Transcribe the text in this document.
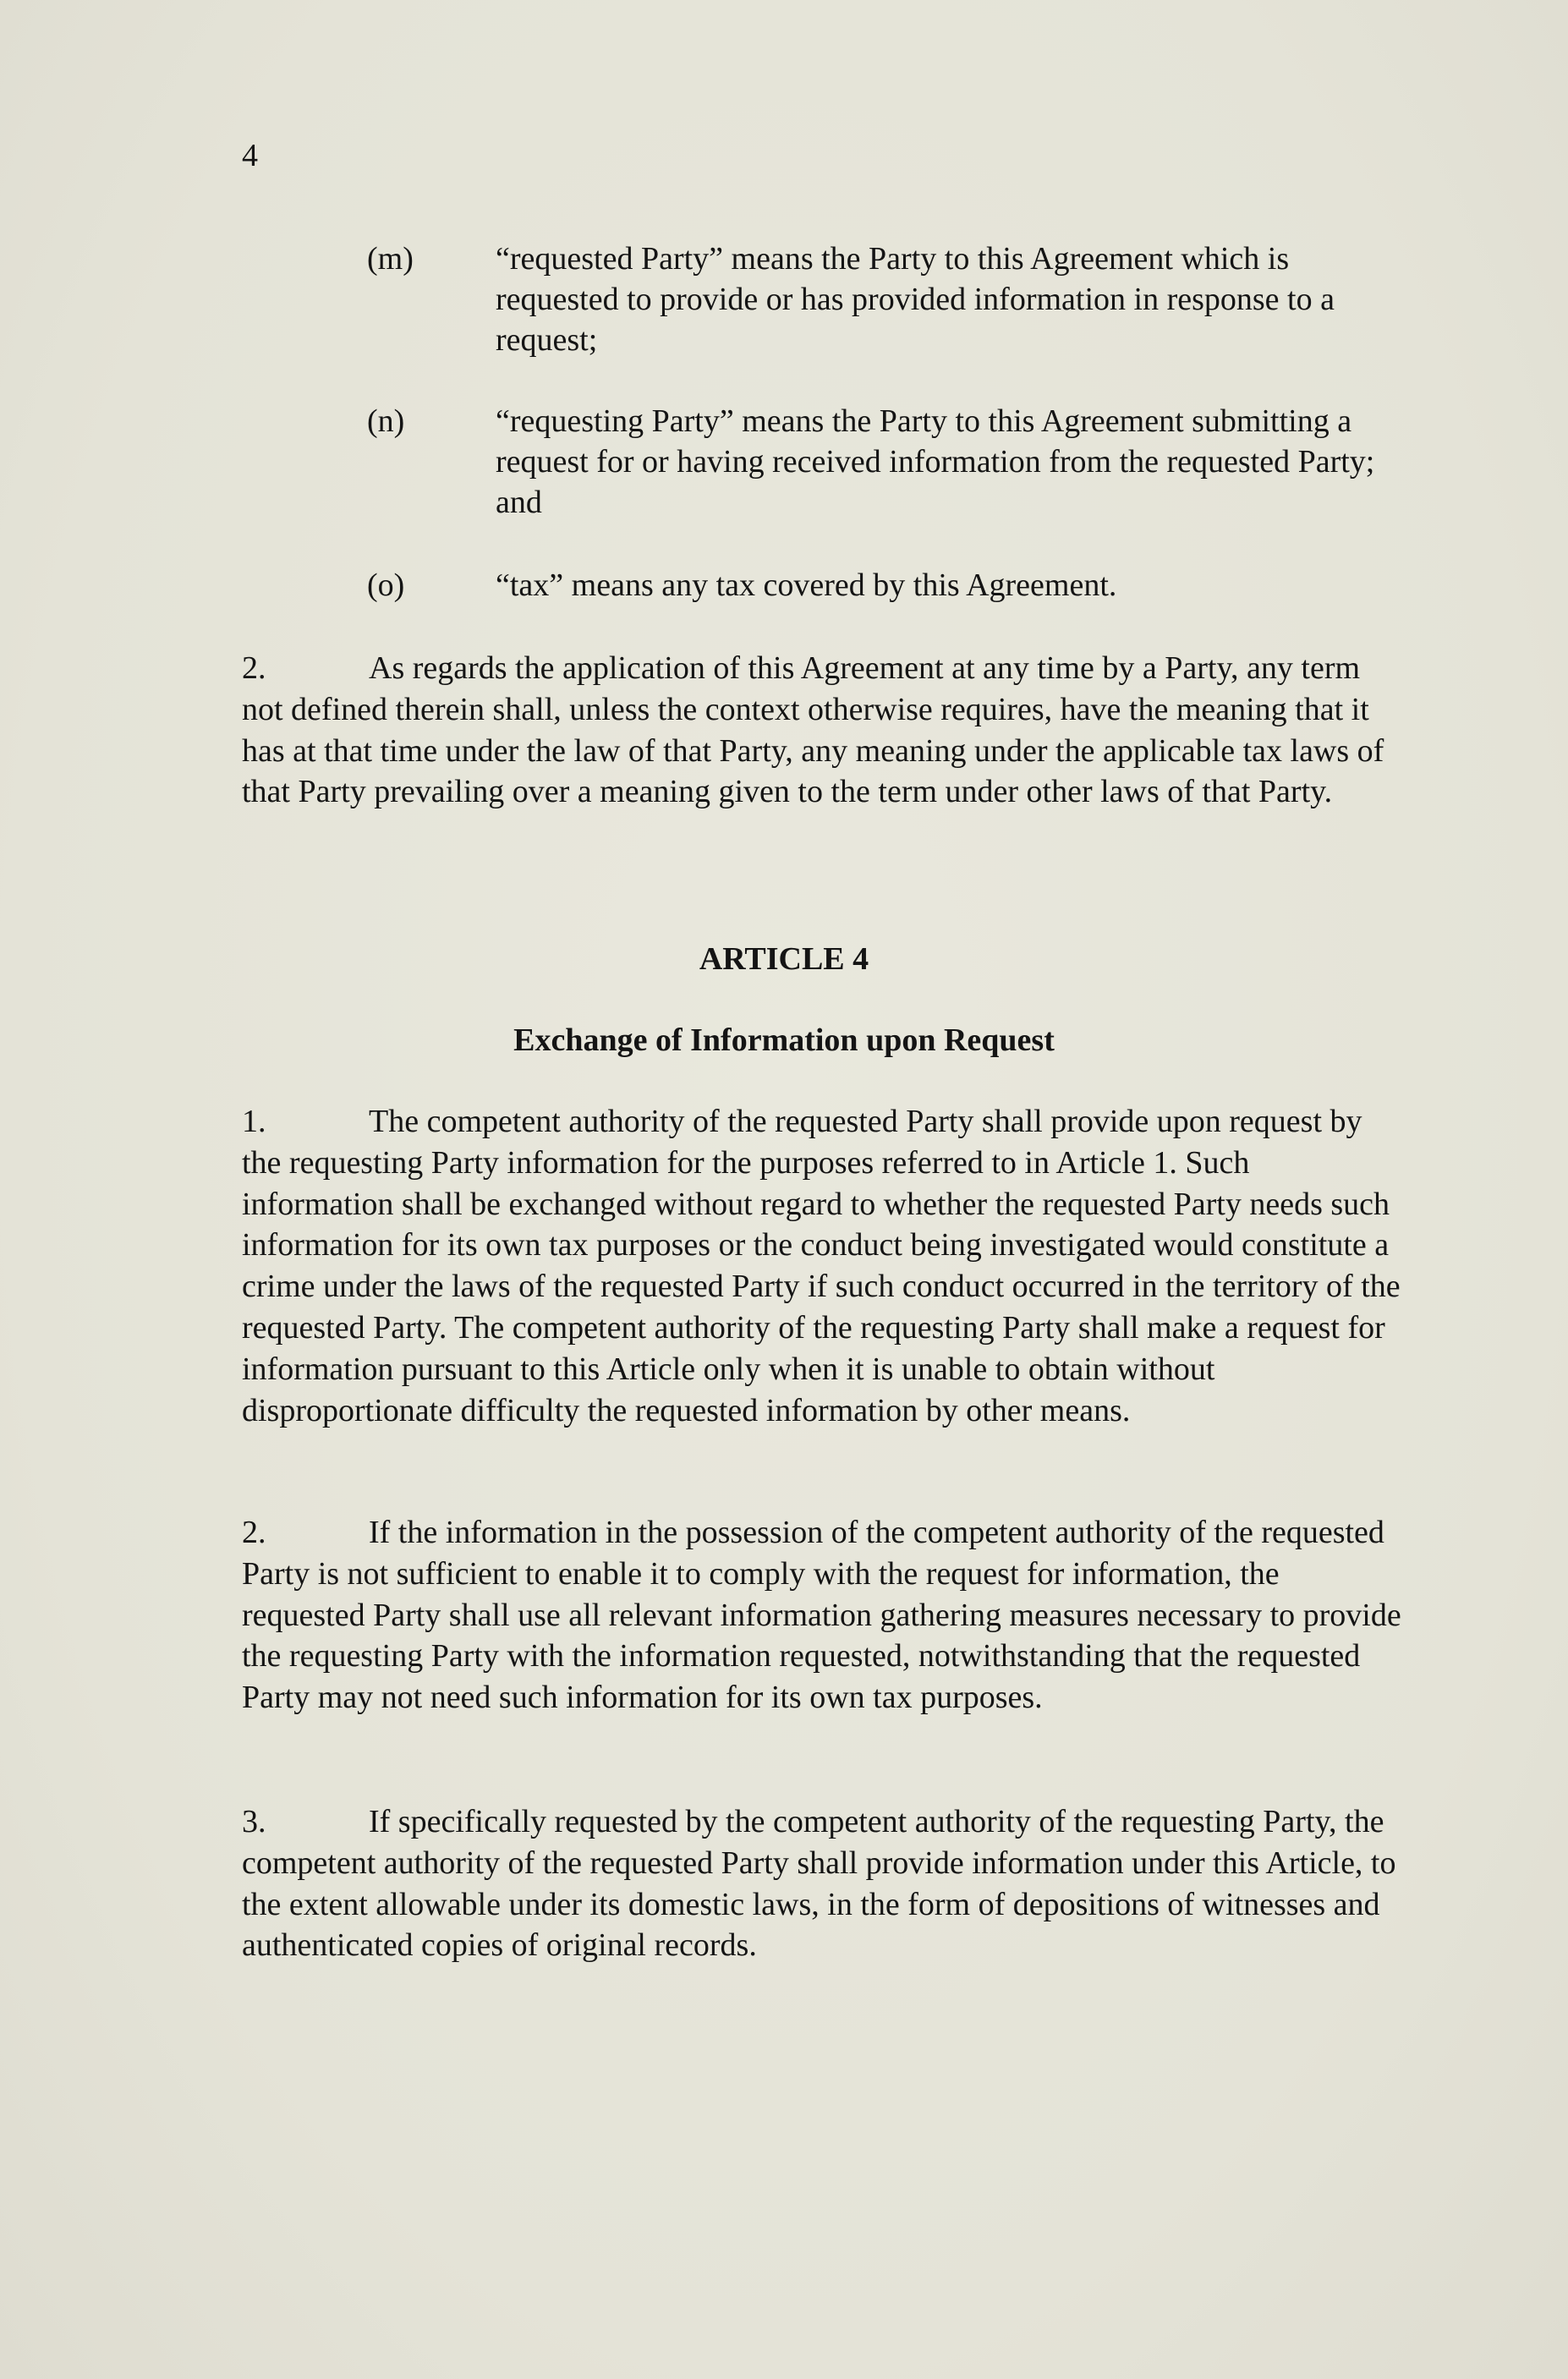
4
(m)	“requested Party” means the Party to this Agreement which is requested to provide or has provided information in response to a request;
(n)	“requesting Party” means the Party to this Agreement submitting a request for or having received information from the requested Party; and
(o)	“tax” means any tax covered by this Agreement.
2.	As regards the application of this Agreement at any time by a Party, any term not defined therein shall, unless the context otherwise requires, have the meaning that it has at that time under the law of that Party, any meaning under the applicable tax laws of that Party prevailing over a meaning given to the term under other laws of that Party.
ARTICLE 4
Exchange of Information upon Request
1.	The competent authority of the requested Party shall provide upon request by the requesting Party information for the purposes referred to in Article 1. Such information shall be exchanged without regard to whether the requested Party needs such information for its own tax purposes or the conduct being investigated would constitute a crime under the laws of the requested Party if such conduct occurred in the territory of the requested Party. The competent authority of the requesting Party shall make a request for information pursuant to this Article only when it is unable to obtain without disproportionate difficulty the requested information by other means.
2.	If the information in the possession of the competent authority of the requested Party is not sufficient to enable it to comply with the request for information, the requested Party shall use all relevant information gathering measures necessary to provide the requesting Party with the information requested, notwithstanding that the requested Party may not need such information for its own tax purposes.
3.	If specifically requested by the competent authority of the requesting Party, the competent authority of the requested Party shall provide information under this Article, to the extent allowable under its domestic laws, in the form of depositions of witnesses and authenticated copies of original records.
